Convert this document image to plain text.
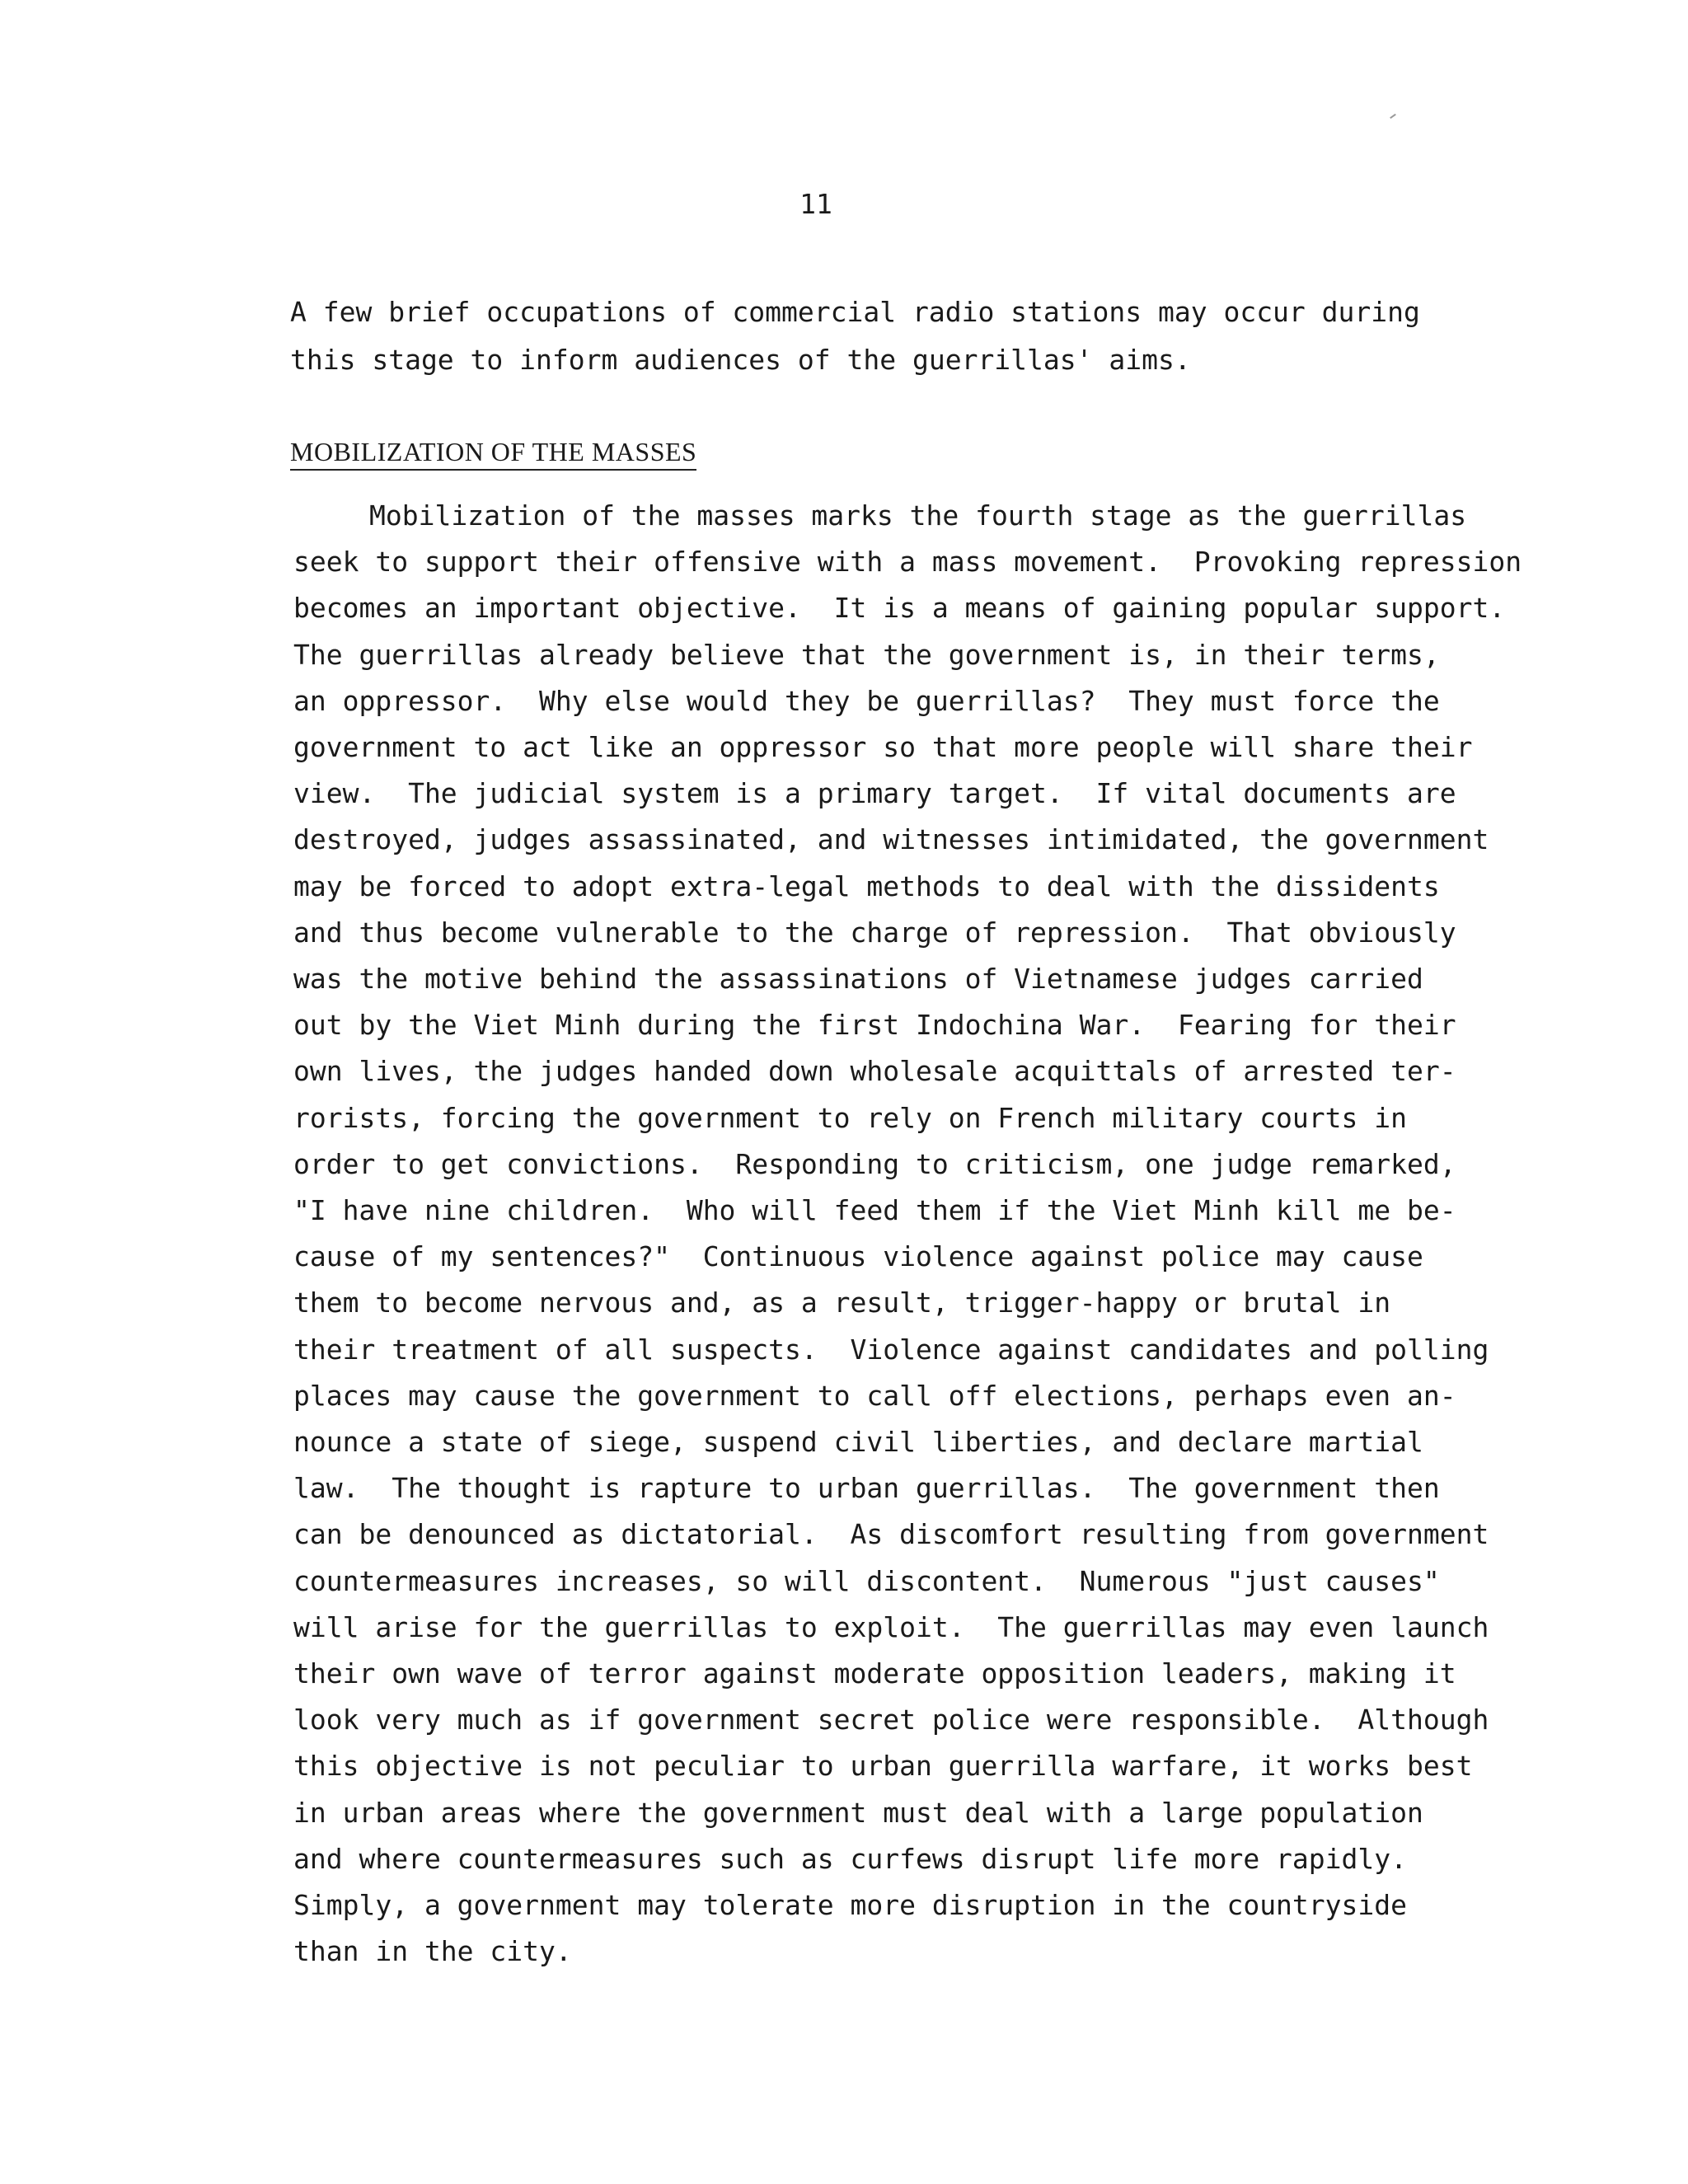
11
A few brief occupations of commercial radio stations may occur during
this stage to inform audiences of the guerrillas' aims.
MOBILIZATION OF THE MASSES
Mobilization of the masses marks the fourth stage as the guerrillas
seek to support their offensive with a mass movement.  Provoking repression
becomes an important objective.  It is a means of gaining popular support.
The guerrillas already believe that the government is, in their terms,
an oppressor.  Why else would they be guerrillas?  They must force the
government to act like an oppressor so that more people will share their
view.  The judicial system is a primary target.  If vital documents are
destroyed, judges assassinated, and witnesses intimidated, the government
may be forced to adopt extra-legal methods to deal with the dissidents
and thus become vulnerable to the charge of repression.  That obviously
was the motive behind the assassinations of Vietnamese judges carried
out by the Viet Minh during the first Indochina War.  Fearing for their
own lives, the judges handed down wholesale acquittals of arrested ter-
rorists, forcing the government to rely on French military courts in
order to get convictions.  Responding to criticism, one judge remarked,
"I have nine children.  Who will feed them if the Viet Minh kill me be-
cause of my sentences?"  Continuous violence against police may cause
them to become nervous and, as a result, trigger-happy or brutal in
their treatment of all suspects.  Violence against candidates and polling
places may cause the government to call off elections, perhaps even an-
nounce a state of siege, suspend civil liberties, and declare martial
law.  The thought is rapture to urban guerrillas.  The government then
can be denounced as dictatorial.  As discomfort resulting from government
countermeasures increases, so will discontent.  Numerous "just causes"
will arise for the guerrillas to exploit.  The guerrillas may even launch
their own wave of terror against moderate opposition leaders, making it
look very much as if government secret police were responsible.  Although
this objective is not peculiar to urban guerrilla warfare, it works best
in urban areas where the government must deal with a large population
and where countermeasures such as curfews disrupt life more rapidly.
Simply, a government may tolerate more disruption in the countryside
than in the city.
